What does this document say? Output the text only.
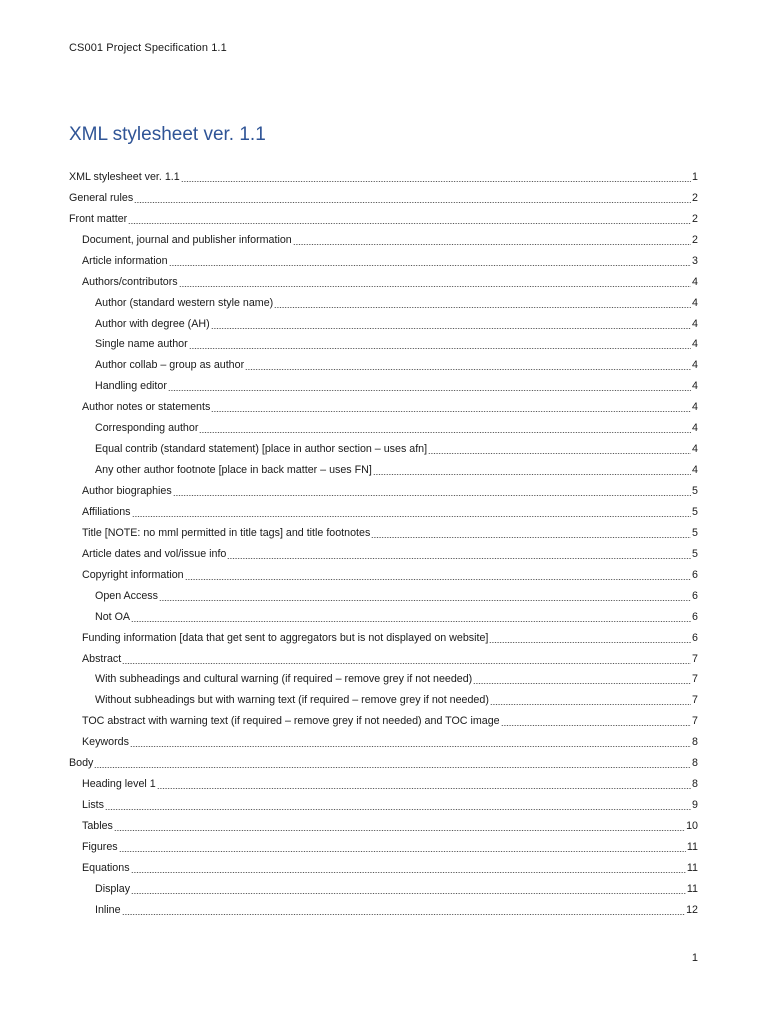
CS001 Project Specification 1.1
XML stylesheet ver. 1.1
XML stylesheet ver. 1.1	1
General rules	2
Front matter	2
Document, journal and publisher information	2
Article information	3
Authors/contributors	4
Author (standard western style name)	4
Author with degree (AH)	4
Single name author	4
Author collab – group as author	4
Handling editor	4
Author notes or statements	4
Corresponding author	4
Equal contrib (standard statement) [place in author section – uses afn]	4
Any other author footnote [place in back matter – uses FN]	4
Author biographies	5
Affiliations	5
Title [NOTE: no mml permitted in title tags] and title footnotes	5
Article dates and vol/issue info	5
Copyright information	6
Open Access	6
Not OA	6
Funding information [data that get sent to aggregators but is not displayed on website]	6
Abstract	7
With subheadings and cultural warning (if required – remove grey if not needed)	7
Without subheadings but with warning text (if required – remove grey if not needed)	7
TOC abstract with warning text (if required – remove grey if not needed) and TOC image	7
Keywords	8
Body	8
Heading level 1	8
Lists	9
Tables	10
Figures	11
Equations	11
Display	11
Inline	12
1
